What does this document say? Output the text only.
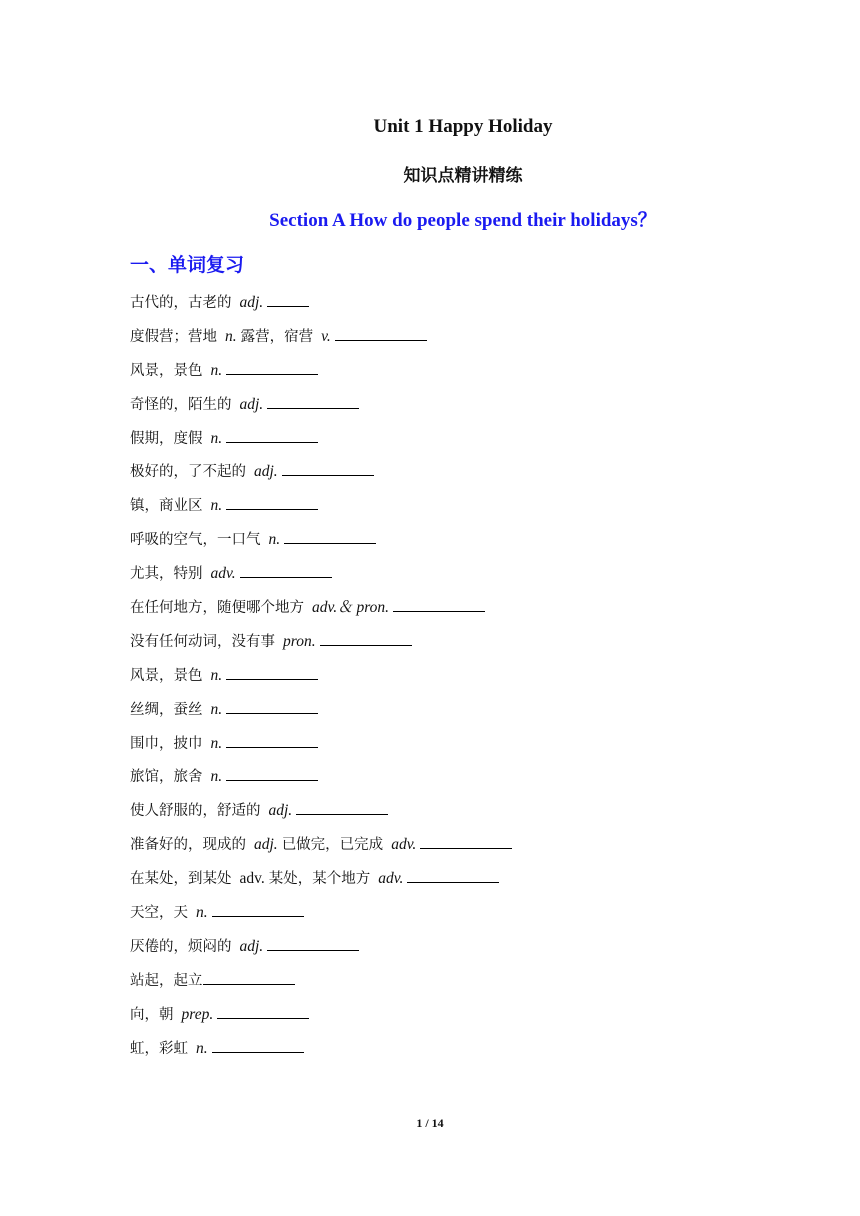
Unit 1 Happy Holiday
知识点精讲精练
Section A How do people spend their holidays？
一、单词复习
古代的，古老的 adj.
度假营；营地 n. 露营，宿营 v.
风景，景色 n.
奇怪的，陌生的 adj.
假期，度假 n.
极好的，了不起的 adj.
镇，商业区 n.
呼吸的空气，一口气 n.
尤其，特别 adv.
在任何地方，随便哪个地方 adv.＆ pron.
没有任何动词，没有事 pron.
风景，景色 n.
丝绸，蚕丝 n.
围巾，披巾 n.
旅馆，旅舍 n.
使人舒服的，舒适的 adj.
准备好的，现成的 adj. 已做完，已完成 adv.
在某处，到某处 adv. 某处，某个地方 adv.
天空，天 n.
厌倦的，烦闷的 adj.
站起，起立
向，朝 prep.
虹，彩虹 n.
1 / 14
